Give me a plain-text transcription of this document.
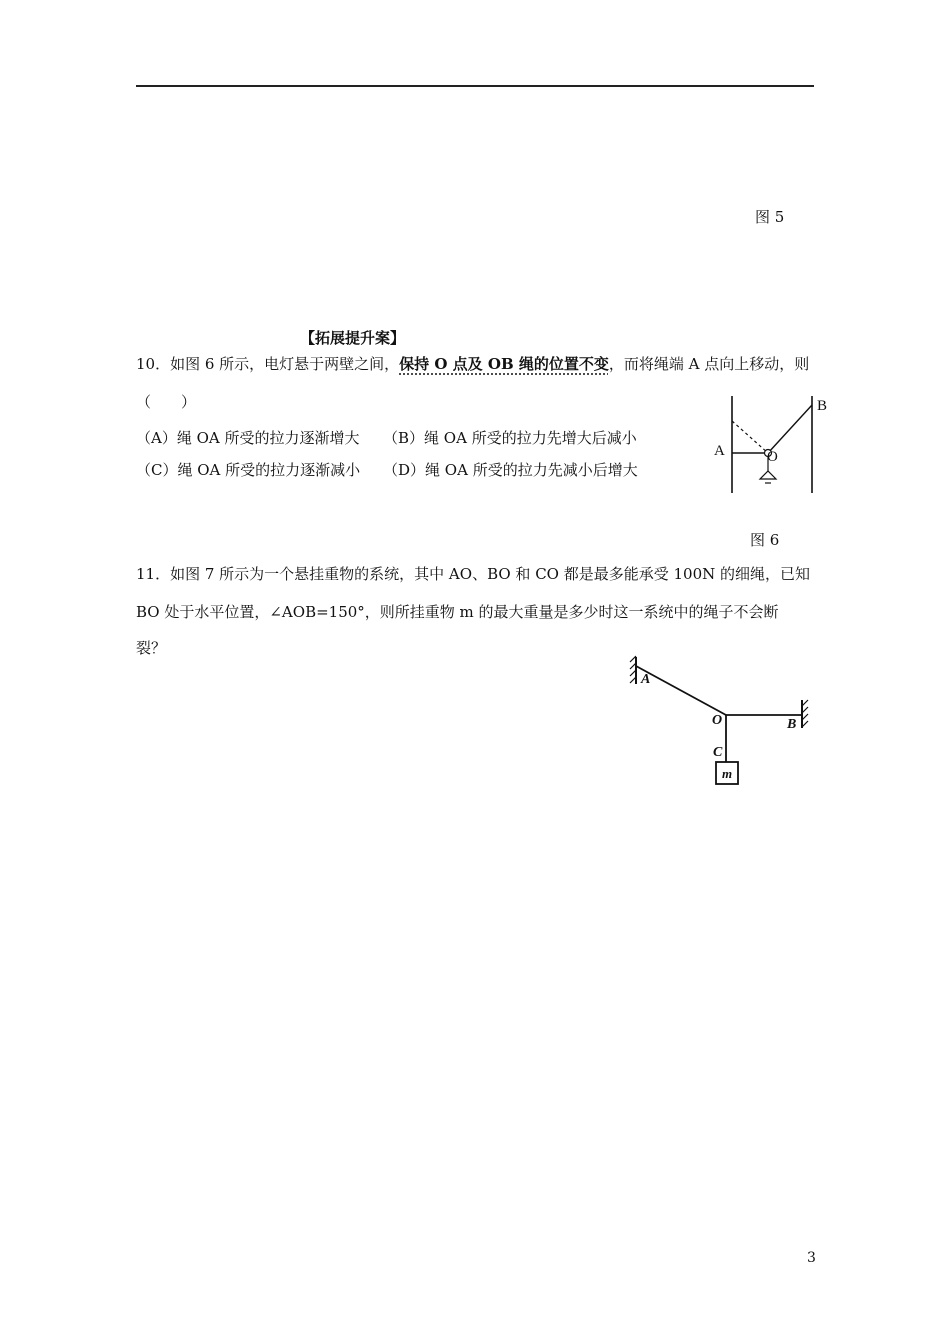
图 5
【拓展提升案】
10．如图 6 所示，电灯悬于两壁之间，保持 O 点及 OB 绳的位置不变，而将绳端 A 点向上移动，则
（　　）
（A）绳 OA 所受的拉力逐渐增大 （B）绳 OA 所受的拉力先增大后减小
（C）绳 OA 所受的拉力逐渐减小 （D）绳 OA 所受的拉力先减小后增大
A
B
O
图 6
11．如图 7 所示为一个悬挂重物的系统，其中 AO、BO 和 CO 都是最多能承受 100N 的细绳，已知
BO 处于水平位置，∠AOB=150°，则所挂重物 m 的最大重量是多少时这一系统中的绳子不会断
裂？
A
O	B
C
m
3
